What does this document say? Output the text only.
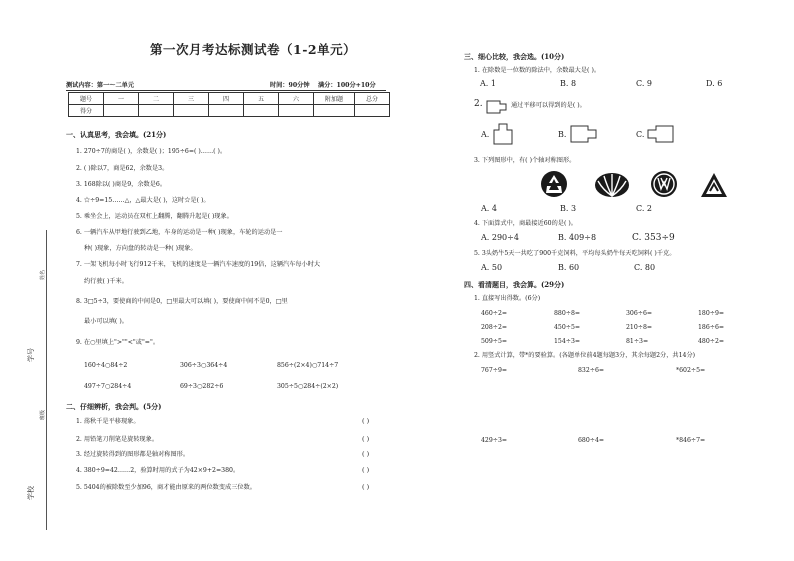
学号
学校
姓名
班级
第一次月考达标测试卷（1-2单元）
测试内容：第一～二单元	时间：90分钟 满分：100分+10分
题号	一	二	三	四	五	六	附加题	总分
得分								
一、认真思考，我会填。(21分)
1. 270÷7的商是( )，余数是( )；195÷6=( )……( )。
2. ( )除以7，商是62，余数是3。
3. 168除以( )商是9，余数是6。
4. ☆÷9=15……△，△最大是( )，这时☆是( )。
5. 乘坐会上，运动员在双杠上翻腾，翻腾升起是( )现象。
6. 一辆汽车从甲地行驶到乙地，车身的运动是一种( )现象，车轮的运动是一
种( )现象，方向盘的转动是一种( )现象。
7. 一架飞机每小时飞行912千米，飞机的速度是一辆汽车速度的19倍，这辆汽车每小时大
约行驶( )千米。
8. 3□5÷3，要使商的中间是0，□里最大可以填( )，要使商中间不是0，□里
最小可以填( )。
9. 在○里填上">""<"或"="。
160÷4○84÷2	306÷3○364÷4	856÷(2×4)○714÷7
497÷7○284÷4	69÷3○282÷6	305÷5○284÷(2×2)
二、仔细辨析，我会判。(5分)
1. 荡秋千是平移现象。
2. 用铅笔刀削笔是旋转现象。
3. 经过旋转得到的图形都是轴对称图形。
4. 380÷9=42……2，验算时用的式子为42×9+2=380。
5. 5404的被除数至少加96，商才能由原来的两位数变成三位数。
( )
( )
( )
( )
( )
三、细心比较，我会选。(10分)
1. 在除数是一位数的除法中，余数最大是( )。
A. 1	B. 8	C. 9	D. 6
2.	通过平移可以得到的是( )。
A.	B.	C.
3. 下列图形中，有( )个轴对称图形。
A. 4	B. 3	C. 2
4. 下面算式中，商最接近60的是( )。
A. 290÷4	B. 409÷8	C. 353÷9
5. 3头奶牛5天一共吃了900千克饲料，平均每头奶牛每天吃饲料( )千克。
A. 50	B. 60	C. 80
四、看清题目，我会算。(29分)
1. 直接写出得数。(6分)
460÷2=	880÷8=	306÷6=	180÷9=
208÷2=	450÷5=	210÷8=	186÷6=
509÷5=	154÷3=	81÷3=	480÷2=
2. 用竖式计算，带*的要验算。(各题单位前4题每题3分，其余每题2分，共14分)
767÷9=	832÷6=	*602÷5=
429÷3=	680÷4=	*846÷7=
